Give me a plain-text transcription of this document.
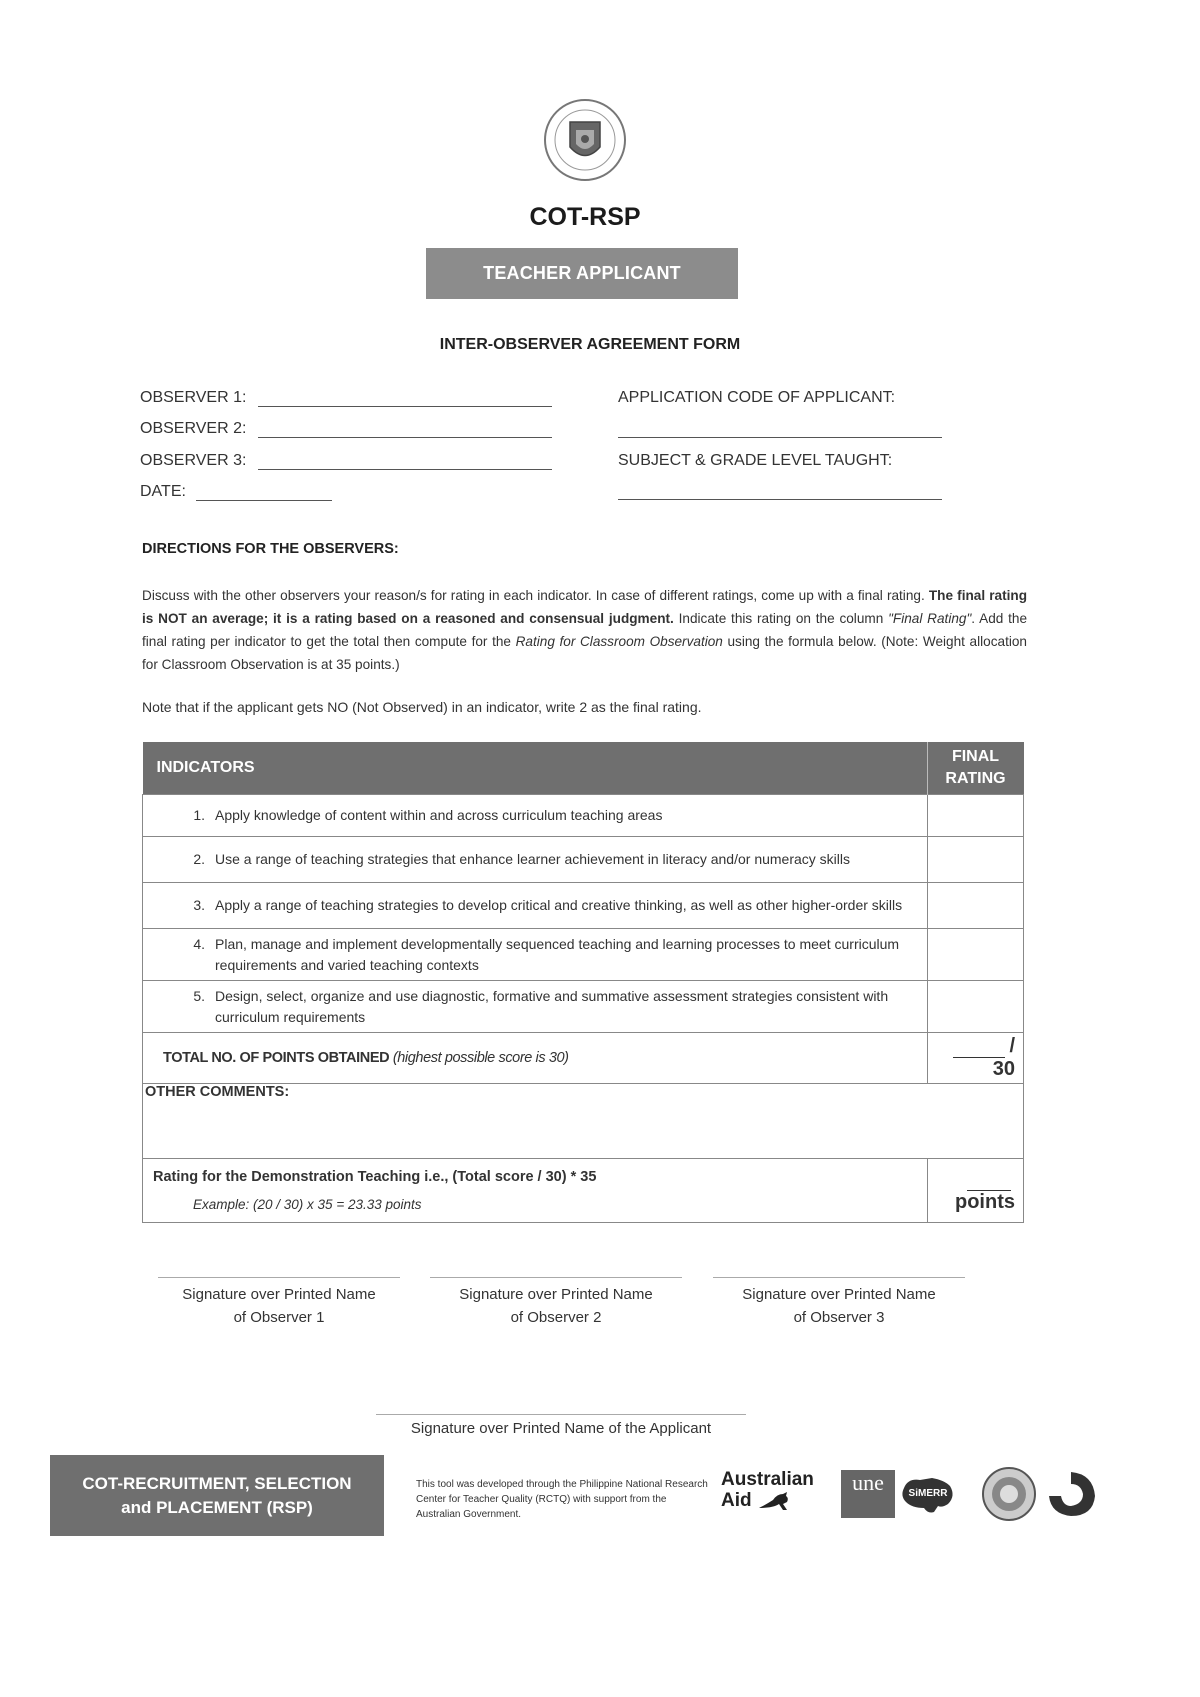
COT-RSP
TEACHER APPLICANT
INTER-OBSERVER AGREEMENT FORM
OBSERVER 1:
OBSERVER 2:
OBSERVER 3:
DATE:
APPLICATION CODE OF APPLICANT:
SUBJECT & GRADE LEVEL TAUGHT:
DIRECTIONS FOR THE OBSERVERS:
Discuss with the other observers your reason/s for rating in each indicator. In case of different ratings, come up with a final rating. The final rating is NOT an average; it is a rating based on a reasoned and consensual judgment. Indicate this rating on the column "Final Rating". Add the final rating per indicator to get the total then compute for the Rating for Classroom Observation using the formula below. (Note: Weight allocation for Classroom Observation is at 35 points.)
Note that if the applicant gets NO (Not Observed) in an indicator, write 2 as the final rating.
INDICATORS	FINAL
RATING

1. Apply knowledge of content within and across curriculum teaching areas	

2. Use a range of teaching strategies that enhance learner achievement in literacy and/or numeracy skills	

3. Apply a range of teaching strategies to develop critical and creative thinking, as well as other higher-order skills	

4. Plan, manage and implement developmentally sequenced teaching and learning processes to meet curriculum requirements and varied teaching contexts	

5. Design, select, organize and use diagnostic, formative and summative assessment strategies consistent with curriculum requirements	

TOTAL NO. OF POINTS OBTAINED (highest possible score is 30)	/ 30
OTHER COMMENTS:	
Rating for the Demonstration Teaching i.e., (Total score / 30) * 35
Example: (20 / 30) x 35 = 23.33 points	points
Signature over Printed Name
of Observer 1
Signature over Printed Name
of Observer 2
Signature over Printed Name
of Observer 3
Signature over Printed Name of the Applicant
COT-RECRUITMENT, SELECTION
and PLACEMENT (RSP)
This tool was developed through the Philippine National Research Center for Teacher Quality (RCTQ) with support from the Australian Government.
Australian
Aid
une	SiMERR
